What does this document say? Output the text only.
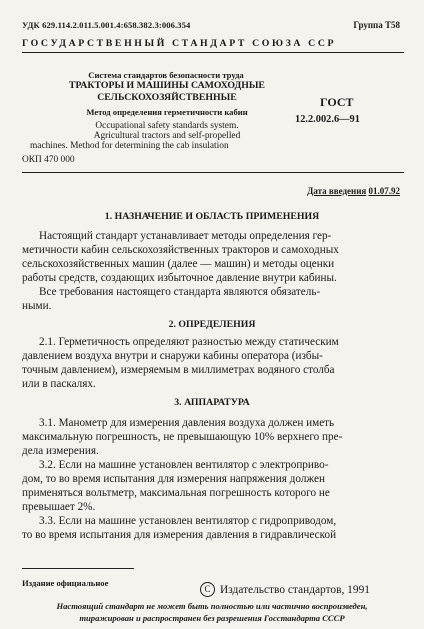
УДК 629.114.2.011.5.001.4:658.382.3:006.354	Группа T58
ГОСУДАРСТВЕННЫЙ СТАНДАРТ СОЮЗА ССР
Система стандартов безопасности труда
ТРАКТОРЫ И МАШИНЫ САМОХОДНЫЕ
СЕЛЬСКОХОЗЯЙСТВЕННЫЕ
Метод определения герметичности кабин
Occupational safety standards system.
Agricultural tractors and self-propelled
machines. Method for determining the cab insulation
ГОСТ
12.2.002.6—91
ОКП 470 000
Дата введения 01.07.92
1. НАЗНАЧЕНИЕ И ОБЛАСТЬ ПРИМЕНЕНИЯ
Настоящий стандарт устанавливает методы определения гер-
метичности кабин сельскохозяйственных тракторов и самоходных
сельскохозяйственных машин (далее — машин) и методы оценки
работы средств, создающих избыточное давление внутри кабины.
Все требования настоящего стандарта являются обязатель-
ными.
2. ОПРЕДЕЛЕНИЯ
2.1. Герметичность определяют разностью между статическим
давлением воздуха внутри и снаружи кабины оператора (избы-
точным давлением), измеряемым в миллиметрах водяного столба
или в паскалях.
3. АППАРАТУРА
3.1. Манометр для измерения давления воздуха должен иметь
максимальную погрешность, не превышающую 10% верхнего пре-
дела измерения.
3.2. Если на машине установлен вентилятор с электроприво-
дом, то во время испытания для измерения напряжения должен
применяться вольтметр, максимальная погрешность которого не
превышает 2%.
3.3. Если на машине установлен вентилятор с гидроприводом,
то во время испытания для измерения давления в гидравлической
Издание официальное
C Издательство стандартов, 1991
Настоящий стандарт не может быть полностью или частично воспроизведен,
тиражирован и распространен без разрешения Госстандарта СССР
